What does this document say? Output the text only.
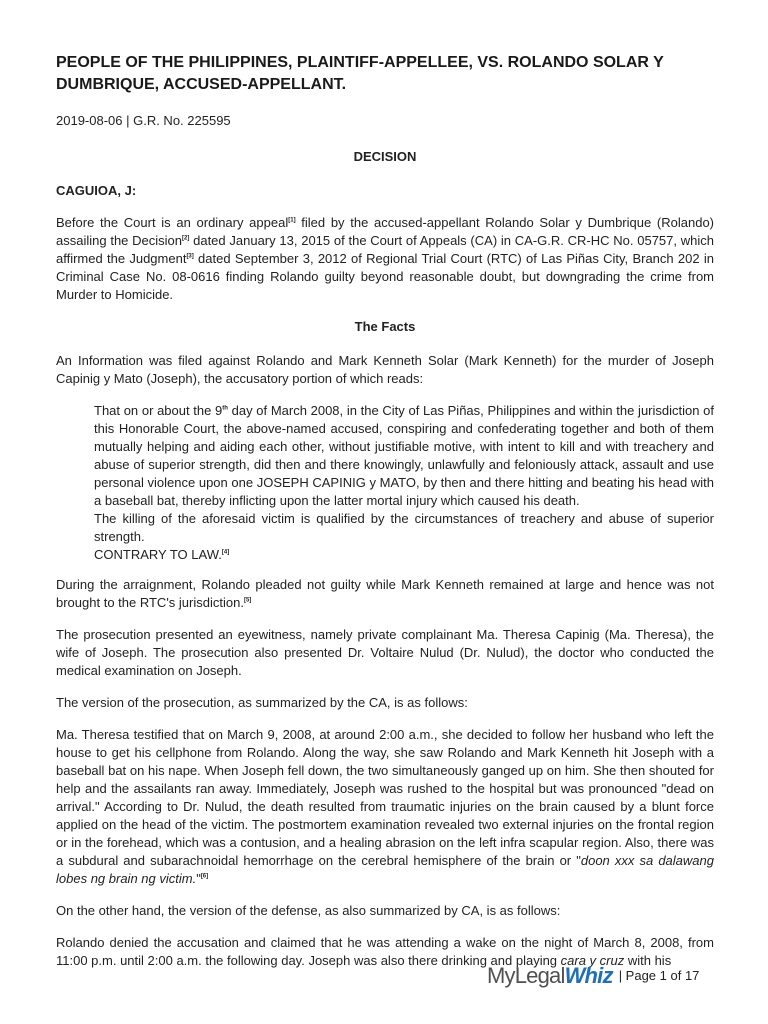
PEOPLE OF THE PHILIPPINES, PLAINTIFF-APPELLEE, VS. ROLANDO SOLAR Y DUMBRIQUE, ACCUSED-APPELLANT.
2019-08-06 | G.R. No. 225595
DECISION
CAGUIOA, J:

Before the Court is an ordinary appeal[1] filed by the accused-appellant Rolando Solar y Dumbrique (Rolando) assailing the Decision[2] dated January 13, 2015 of the Court of Appeals (CA) in CA-G.R. CR-HC No. 05757, which affirmed the Judgment[3] dated September 3, 2012 of Regional Trial Court (RTC) of Las Piñas City, Branch 202 in Criminal Case No. 08-0616 finding Rolando guilty beyond reasonable doubt, but downgrading the crime from Murder to Homicide.

The Facts

An Information was filed against Rolando and Mark Kenneth Solar (Mark Kenneth) for the murder of Joseph Capinig y Mato (Joseph), the accusatory portion of which reads:

That on or about the 9th day of March 2008, in the City of Las Piñas, Philippines and within the jurisdiction of this Honorable Court, the above-named accused, conspiring and confederating together and both of them mutually helping and aiding each other, without justifiable motive, with intent to kill and with treachery and abuse of superior strength, did then and there knowingly, unlawfully and feloniously attack, assault and use personal violence upon one JOSEPH CAPINIG y MATO, by then and there hitting and beating his head with a baseball bat, thereby inflicting upon the latter mortal injury which caused his death.

The killing of the aforesaid victim is qualified by the circumstances of treachery and abuse of superior strength.

CONTRARY TO LAW.[4]

During the arraignment, Rolando pleaded not guilty while Mark Kenneth remained at large and hence was not brought to the RTC's jurisdiction.[5]

The prosecution presented an eyewitness, namely private complainant Ma. Theresa Capinig (Ma. Theresa), the wife of Joseph. The prosecution also presented Dr. Voltaire Nulud (Dr. Nulud), the doctor who conducted the medical examination on Joseph.

The version of the prosecution, as summarized by the CA, is as follows:

Ma. Theresa testified that on March 9, 2008, at around 2:00 a.m., she decided to follow her husband who left the house to get his cellphone from Rolando. Along the way, she saw Rolando and Mark Kenneth hit Joseph with a baseball bat on his nape. When Joseph fell down, the two simultaneously ganged up on him. She then shouted for help and the assailants ran away. Immediately, Joseph was rushed to the hospital but was pronounced "dead on arrival." According to Dr. Nulud, the death resulted from traumatic injuries on the brain caused by a blunt force applied on the head of the victim. The postmortem examination revealed two external injuries on the frontal region or in the forehead, which was a contusion, and a healing abrasion on the left infra scapular region. Also, there was a subdural and subarachnoidal hemorrhage on the cerebral hemisphere of the brain or "doon xxx sa dalawang lobes ng brain ng victim."[6]

On the other hand, the version of the defense, as also summarized by CA, is as follows:

Rolando denied the accusation and claimed that he was attending a wake on the night of March 8, 2008, from 11:00 p.m. until 2:00 a.m. the following day. Joseph was also there drinking and playing cara y cruz with his

MyLegalWhiz | Page 1 of 17
